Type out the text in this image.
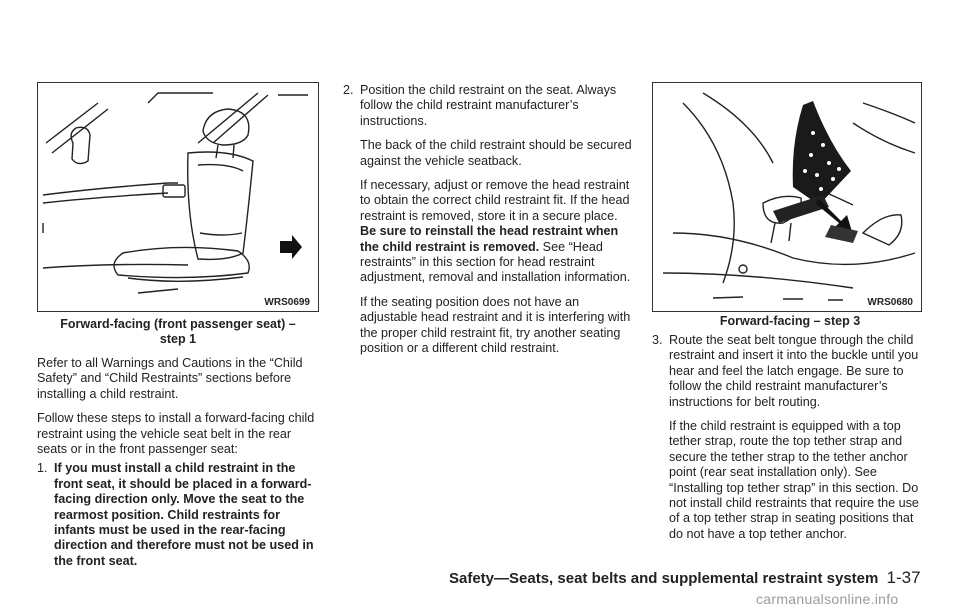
WRS0699
Forward-facing (front passenger seat) –
step 1

Refer to all Warnings and Cautions in the “Child Safety” and “Child Restraints” sections before installing a child restraint.

Follow these steps to install a forward-facing child restraint using the vehicle seat belt in the rear seats or in the front passenger seat:

1. If you must install a child restraint in the front seat, it should be placed in a forward-facing direction only. Move the seat to the rearmost position. Child restraints for infants must be used in the rear-facing direction and therefore must not be used in the front seat.
2. Position the child restraint on the seat. Always follow the child restraint manufacturer’s instructions.

The back of the child restraint should be secured against the vehicle seatback.

If necessary, adjust or remove the head restraint to obtain the correct child restraint fit. If the head restraint is removed, store it in a secure place. Be sure to reinstall the head restraint when the child restraint is removed. See “Head restraints” in this section for head restraint adjustment, removal and installation information.

If the seating position does not have an adjustable head restraint and it is interfering with the proper child restraint fit, try another seating position or a different child restraint.

WRS0680
Forward-facing – step 3
3. Route the seat belt tongue through the child restraint and insert it into the buckle until you hear and feel the latch engage. Be sure to follow the child restraint manufacturer’s instructions for belt routing.

If the child restraint is equipped with a top tether strap, route the top tether strap and secure the tether strap to the tether anchor point (rear seat installation only). See “Installing top tether strap” in this section. Do not install child restraints that require the use of a top tether strap in seating positions that do not have a top tether anchor.

Safety—Seats, seat belts and supplemental restraint system 1-37
carmanualsonline.info
